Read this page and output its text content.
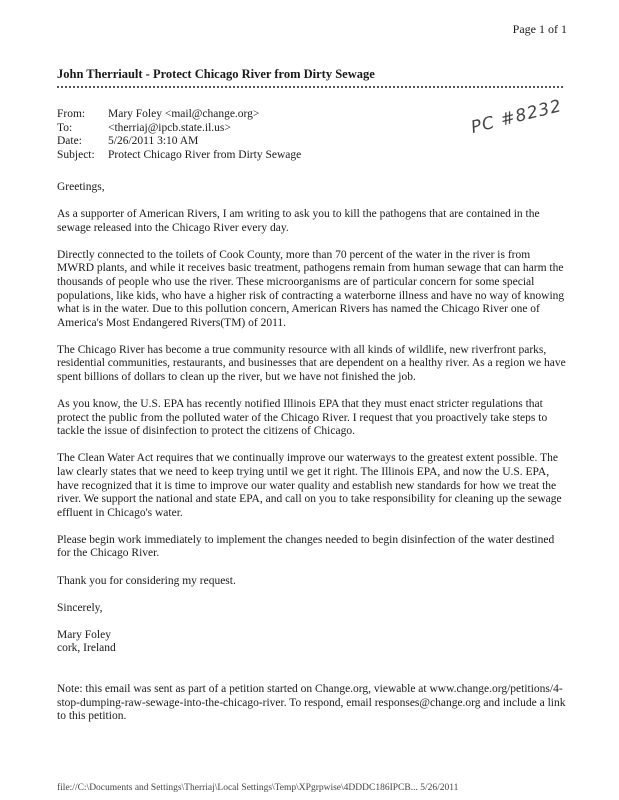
Page 1 of 1
John Therriault - Protect Chicago River from Dirty Sewage
From:	Mary Foley <mail@change.org>
To:	<therriaj@ipcb.state.il.us>
Date:	5/26/2011 3:10 AM
Subject:	Protect Chicago River from Dirty Sewage
PC #8232

Greetings,

As a supporter of American Rivers, I am writing to ask you to kill the pathogens that are contained in the sewage released into the Chicago River every day.

Directly connected to the toilets of Cook County, more than 70 percent of the water in the river is from MWRD plants, and while it receives basic treatment, pathogens remain from human sewage that can harm the thousands of people who use the river. These microorganisms are of particular concern for some special populations, like kids, who have a higher risk of contracting a waterborne illness and have no way of knowing what is in the water. Due to this pollution concern, American Rivers has named the Chicago River one of America's Most Endangered Rivers(TM) of 2011.

The Chicago River has become a true community resource with all kinds of wildlife, new riverfront parks, residential communities, restaurants, and businesses that are dependent on a healthy river. As a region we have spent billions of dollars to clean up the river, but we have not finished the job.

As you know, the U.S. EPA has recently notified Illinois EPA that they must enact stricter regulations that protect the public from the polluted water of the Chicago River. I request that you proactively take steps to tackle the issue of disinfection to protect the citizens of Chicago.

The Clean Water Act requires that we continually improve our waterways to the greatest extent possible. The law clearly states that we need to keep trying until we get it right. The Illinois EPA, and now the U.S. EPA, have recognized that it is time to improve our water quality and establish new standards for how we treat the river. We support the national and state EPA, and call on you to take responsibility for cleaning up the sewage effluent in Chicago's water.

Please begin work immediately to implement the changes needed to begin disinfection of the water destined for the Chicago River.

Thank you for considering my request.

Sincerely,

Mary Foley
cork, Ireland
Note: this email was sent as part of a petition started on Change.org, viewable at www.change.org/petitions/4-stop-dumping-raw-sewage-into-the-chicago-river. To respond, email responses@change.org and include a link to this petition.
file://C:\Documents and Settings\Therriaj\Local Settings\Temp\XPgrpwise\4DDDC186IPCB... 5/26/2011
